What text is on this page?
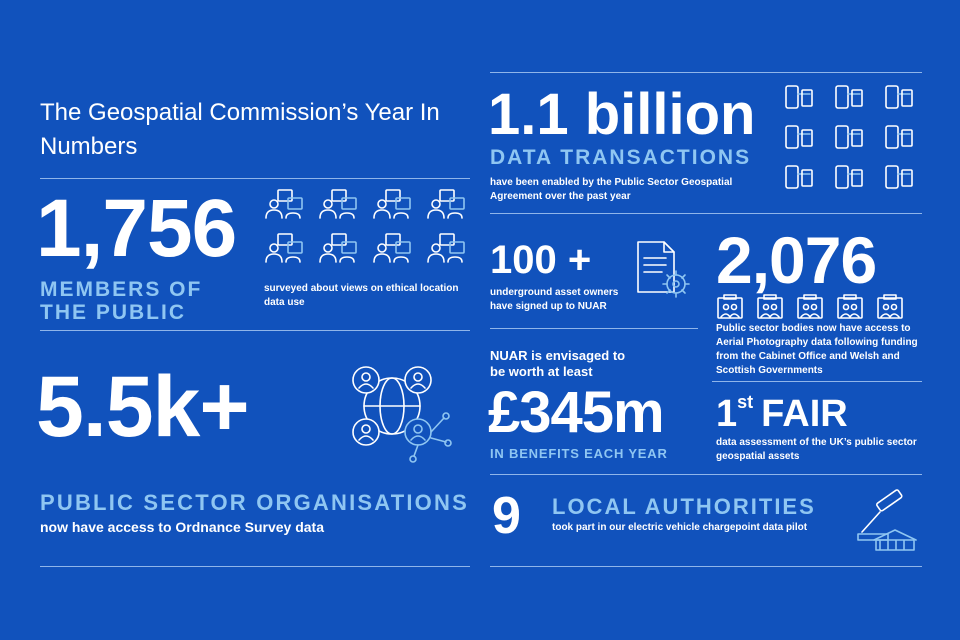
The Geospatial Commission’s Year In Numbers
1,756
MEMBERS OF
THE PUBLIC
surveyed about views on ethical location data use
5.5k+
PUBLIC SECTOR ORGANISATIONS
now have access to Ordnance Survey data
1.1 billion
DATA TRANSACTIONS
have been enabled by the Public Sector Geospatial Agreement over the past year
100 +
underground asset owners have signed up to NUAR
2,076
Public sector bodies now have access to Aerial Photography data following funding from the Cabinet Office and Welsh and Scottish Governments
NUAR is envisaged to
be worth at least
£345m
IN BENEFITS EACH YEAR
1st FAIR
data assessment of the UK’s public sector geospatial assets
9 LOCAL AUTHORITIES
took part in our electric vehicle chargepoint data pilot
